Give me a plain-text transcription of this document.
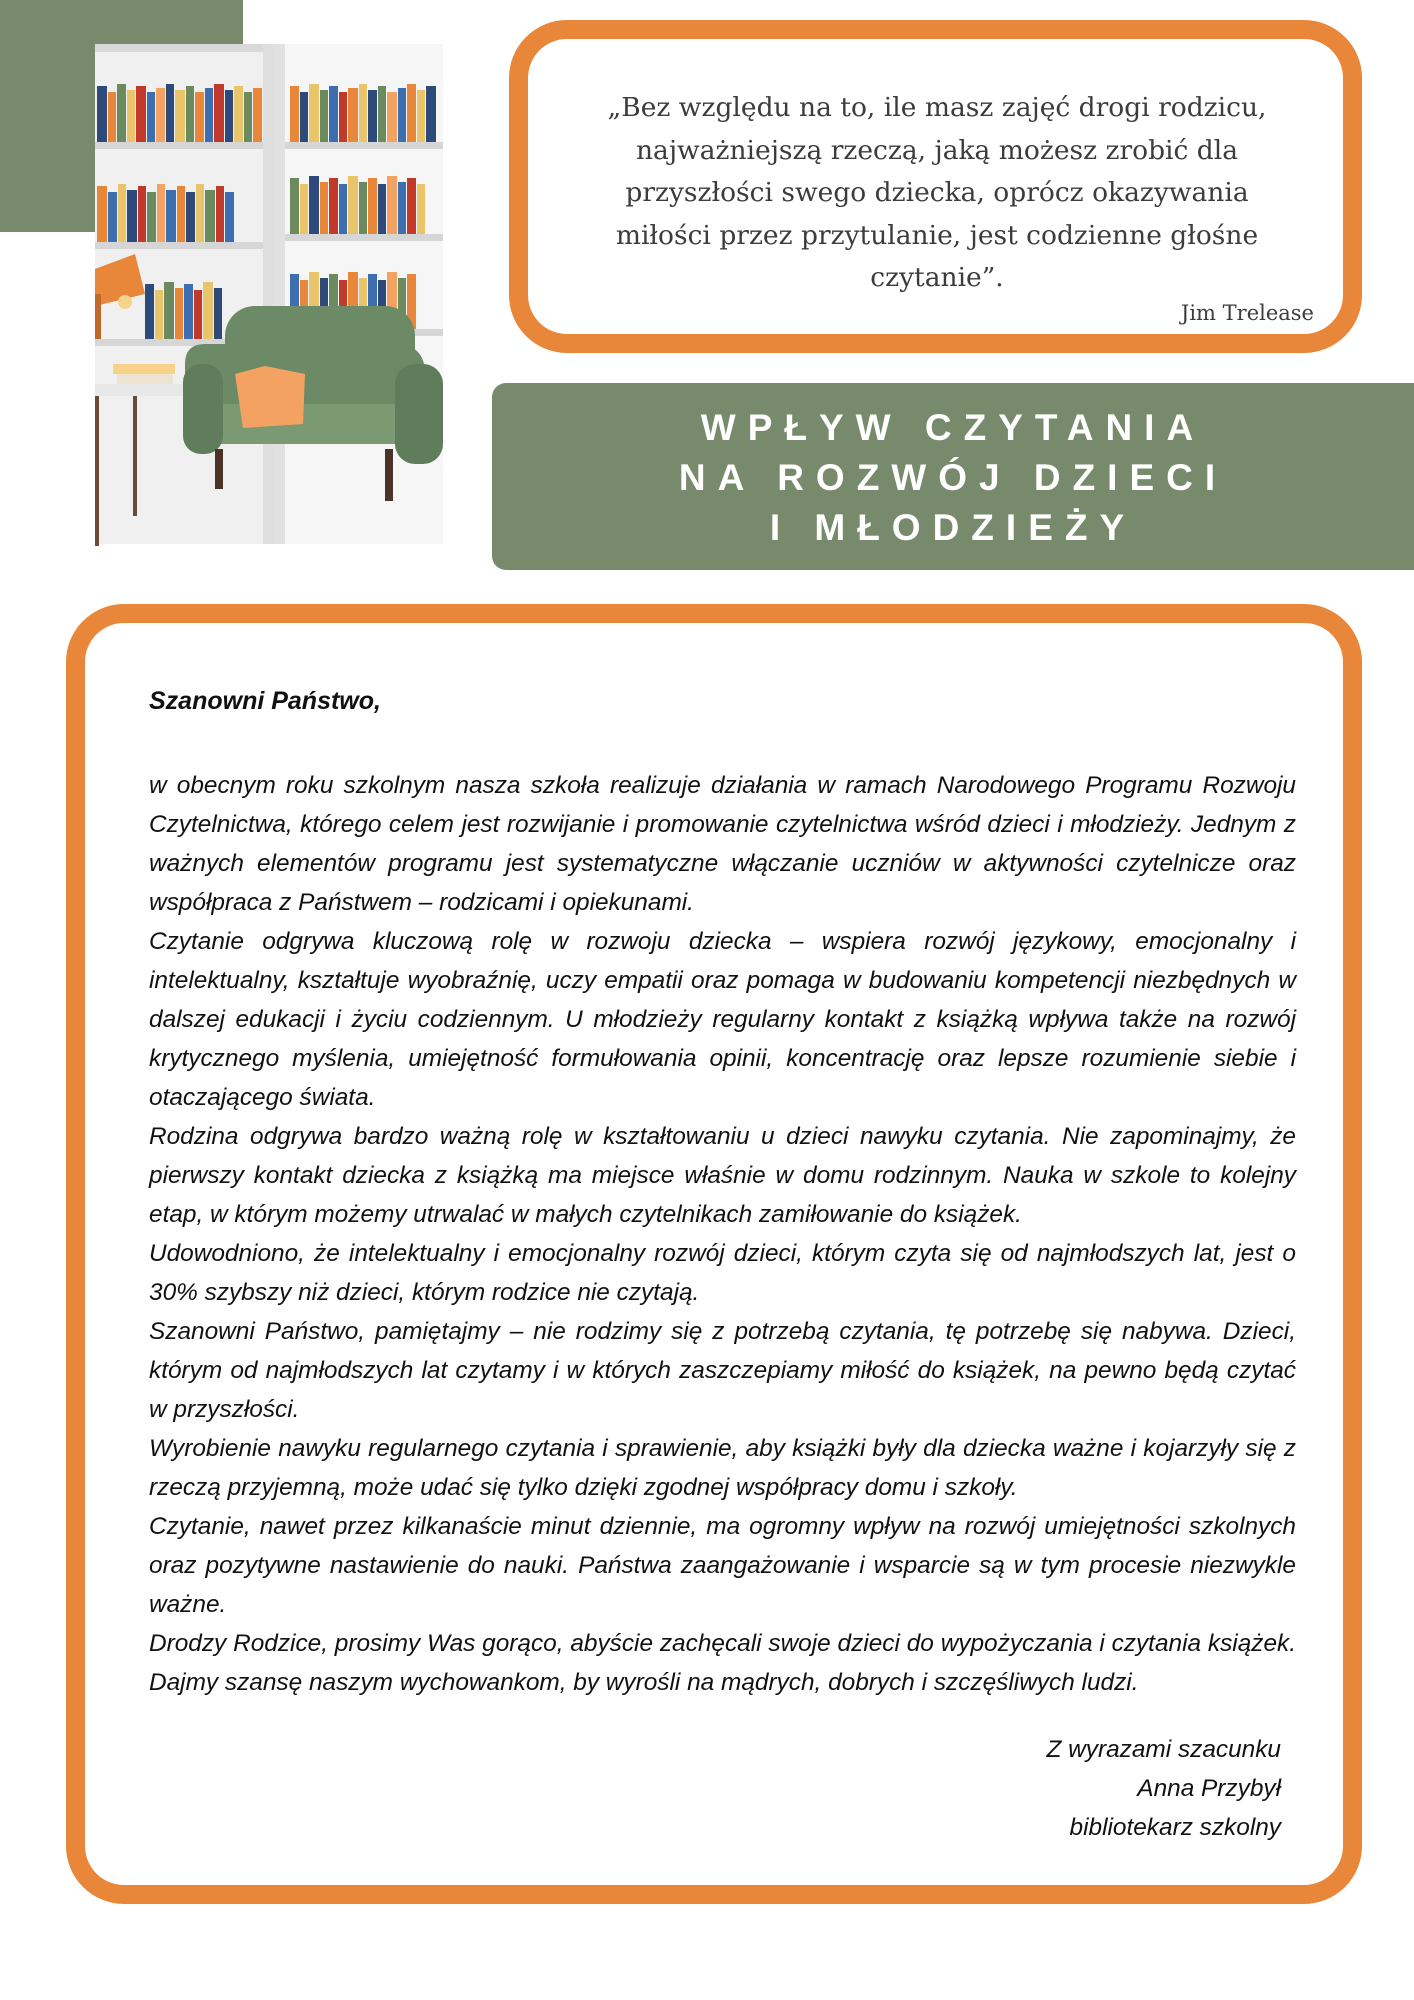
„Bez względu na to, ile masz zajęć drogi rodzicu, najważniejszą rzeczą, jaką możesz zrobić dla przyszłości swego dziecka, oprócz okazywania miłości przez przytulanie, jest codzienne głośne czytanie”.

Jim Trelease
WPŁYW CZYTANIA
NA ROZWÓJ DZIECI
I MŁODZIEŻY

Szanowni Państwo,

w obecnym roku szkolnym nasza szkoła realizuje działania w ramach Narodowego Programu Rozwoju Czytelnictwa, którego celem jest rozwijanie i promowanie czytelnictwa wśród dzieci i młodzieży. Jednym z ważnych elementów programu jest systematyczne włączanie uczniów w aktywności czytelnicze oraz współpraca z Państwem – rodzicami i opiekunami.

Czytanie odgrywa kluczową rolę w rozwoju dziecka – wspiera rozwój językowy, emocjonalny i intelektualny, kształtuje wyobraźnię, uczy empatii oraz pomaga w budowaniu kompetencji niezbędnych w dalszej edukacji i życiu codziennym. U młodzieży regularny kontakt z książką wpływa także na rozwój krytycznego myślenia, umiejętność formułowania opinii, koncentrację oraz lepsze rozumienie siebie i otaczającego świata.

Rodzina odgrywa bardzo ważną rolę w kształtowaniu u dzieci nawyku czytania. Nie zapominajmy, że pierwszy kontakt dziecka z książką ma miejsce właśnie w domu rodzinnym. Nauka w szkole to kolejny etap, w którym możemy utrwalać w małych czytelnikach zamiłowanie do książek.

Udowodniono, że intelektualny i emocjonalny rozwój dzieci, którym czyta się od najmłodszych lat, jest o 30% szybszy niż dzieci, którym rodzice nie czytają.

Szanowni Państwo, pamiętajmy – nie rodzimy się z potrzebą czytania, tę potrzebę się nabywa. Dzieci, którym od najmłodszych lat czytamy i w których zaszczepiamy miłość do książek, na pewno będą czytać w przyszłości.

Wyrobienie nawyku regularnego czytania i sprawienie, aby książki były dla dziecka ważne i kojarzyły się z rzeczą przyjemną, może udać się tylko dzięki zgodnej współpracy domu i szkoły.

Czytanie, nawet przez kilkanaście minut dziennie, ma ogromny wpływ na rozwój umiejętności szkolnych oraz pozytywne nastawienie do nauki. Państwa zaangażowanie i wsparcie są w tym procesie niezwykle ważne.

Drodzy Rodzice, prosimy Was gorąco, abyście zachęcali swoje dzieci do wypożyczania i czytania książek. Dajmy szansę naszym wychowankom, by wyrośli na mądrych, dobrych i szczęśliwych ludzi.

Z wyrazami szacunku
Anna Przybył
bibliotekarz szkolny
